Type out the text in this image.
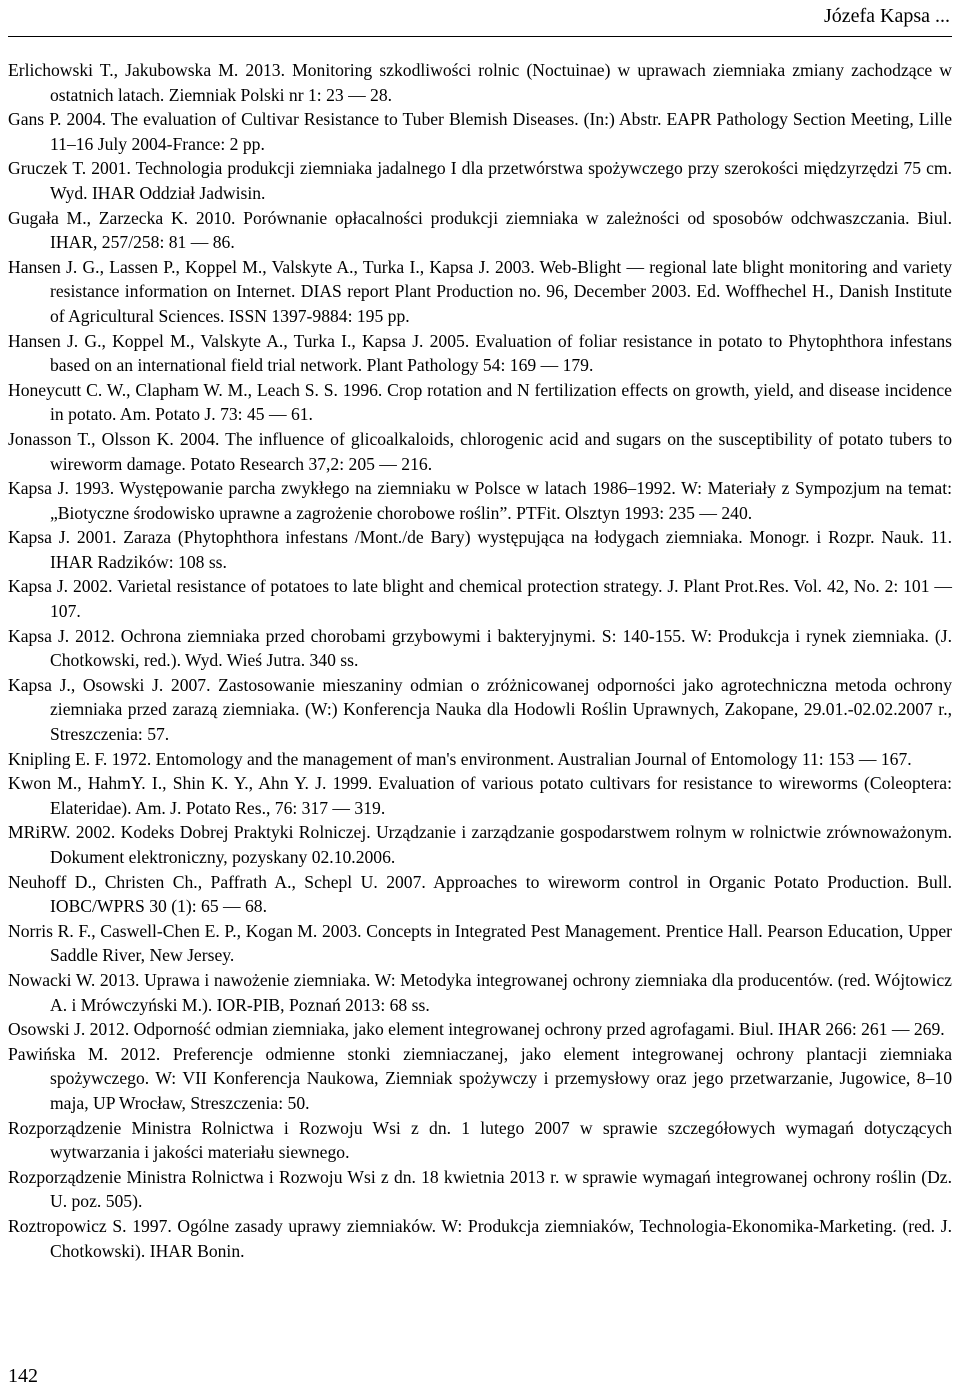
Józefa Kapsa ...
Erlichowski T., Jakubowska M. 2013. Monitoring szkodliwości rolnic (Noctuinae) w uprawach ziemniaka zmiany zachodzące w ostatnich latach. Ziemniak Polski nr 1: 23 — 28.
Gans P. 2004. The evaluation of Cultivar Resistance to Tuber Blemish Diseases. (In:) Abstr. EAPR Pathology Section Meeting, Lille 11–16 July 2004-France: 2 pp.
Gruczek T. 2001. Technologia produkcji ziemniaka jadalnego I dla przetwórstwa spożywczego przy szerokości międzyrzędzi 75 cm. Wyd. IHAR Oddział Jadwisin.
Gugała M., Zarzecka K. 2010. Porównanie opłacalności produkcji ziemniaka w zależności od sposobów odchwaszczania. Biul. IHAR, 257/258: 81 — 86.
Hansen J. G., Lassen P., Koppel M., Valskyte A., Turka I., Kapsa J. 2003. Web-Blight — regional late blight monitoring and variety resistance information on Internet. DIAS report Plant Production no. 96, December 2003. Ed. Woffhechel H., Danish Institute of Agricultural Sciences. ISSN 1397-9884: 195 pp.
Hansen J. G., Koppel M., Valskyte A., Turka I., Kapsa J. 2005. Evaluation of foliar resistance in potato to Phytophthora infestans based on an international field trial network. Plant Pathology 54: 169 — 179.
Honeycutt C. W., Clapham W. M., Leach S. S. 1996. Crop rotation and N fertilization effects on growth, yield, and disease incidence in potato. Am. Potato J. 73: 45 — 61.
Jonasson T., Olsson K. 2004. The influence of glicoalkaloids, chlorogenic acid and sugars on the susceptibility of potato tubers to wireworm damage. Potato Research 37,2: 205 — 216.
Kapsa J. 1993. Występowanie parcha zwykłego na ziemniaku w Polsce w latach 1986–1992. W: Materiały z Sympozjum na temat: „Biotyczne środowisko uprawne a zagrożenie chorobowe roślin”. PTFit. Olsztyn 1993: 235 — 240.
Kapsa J. 2001. Zaraza (Phytophthora infestans /Mont./de Bary) występująca na łodygach ziemniaka. Monogr. i Rozpr. Nauk. 11. IHAR Radzików: 108 ss.
Kapsa J. 2002. Varietal resistance of potatoes to late blight and chemical protection strategy. J. Plant Prot.Res. Vol. 42, No. 2: 101 — 107.
Kapsa J. 2012. Ochrona ziemniaka przed chorobami grzybowymi i bakteryjnymi. S: 140-155. W: Produkcja i rynek ziemniaka. (J. Chotkowski, red.). Wyd. Wieś Jutra. 340 ss.
Kapsa J., Osowski J. 2007. Zastosowanie mieszaniny odmian o zróżnicowanej odporności jako agrotechniczna metoda ochrony ziemniaka przed zarazą ziemniaka. (W:) Konferencja Nauka dla Hodowli Roślin Uprawnych, Zakopane, 29.01.-02.02.2007 r., Streszczenia: 57.
Knipling E. F. 1972. Entomology and the management of man's environment. Australian Journal of Entomology 11: 153 — 167.
Kwon M., HahmY. I., Shin K. Y., Ahn Y. J. 1999. Evaluation of various potato cultivars for resistance to wireworms (Coleoptera: Elateridae). Am. J. Potato Res., 76: 317 — 319.
MRiRW. 2002. Kodeks Dobrej Praktyki Rolniczej. Urządzanie i zarządzanie gospodarstwem rolnym w rolnictwie zrównoważonym. Dokument elektroniczny, pozyskany 02.10.2006.
Neuhoff D., Christen Ch., Paffrath A., Schepl U. 2007. Approaches to wireworm control in Organic Potato Production. Bull. IOBC/WPRS 30 (1): 65 — 68.
Norris R. F., Caswell-Chen E. P., Kogan M. 2003. Concepts in Integrated Pest Management. Prentice Hall. Pearson Education, Upper Saddle River, New Jersey.
Nowacki W. 2013. Uprawa i nawożenie ziemniaka. W: Metodyka integrowanej ochrony ziemniaka dla producentów. (red. Wójtowicz A. i Mrówczyński M.). IOR-PIB, Poznań 2013: 68 ss.
Osowski J. 2012. Odporność odmian ziemniaka, jako element integrowanej ochrony przed agrofagami. Biul. IHAR 266: 261 — 269.
Pawińska M. 2012. Preferencje odmienne stonki ziemniaczanej, jako element integrowanej ochrony plantacji ziemniaka spożywczego. W: VII Konferencja Naukowa, Ziemniak spożywczy i przemysłowy oraz jego przetwarzanie, Jugowice, 8–10 maja, UP Wrocław, Streszczenia: 50.
Rozporządzenie Ministra Rolnictwa i Rozwoju Wsi z dn. 1 lutego 2007 w sprawie szczegółowych wymagań dotyczących wytwarzania i jakości materiału siewnego.
Rozporządzenie Ministra Rolnictwa i Rozwoju Wsi z dn. 18 kwietnia 2013 r. w sprawie wymagań integrowanej ochrony roślin (Dz. U. poz. 505).
Roztropowicz S. 1997. Ogólne zasady uprawy ziemniaków. W: Produkcja ziemniaków, Technologia-Ekonomika-Marketing. (red. J. Chotkowski). IHAR Bonin.
142
